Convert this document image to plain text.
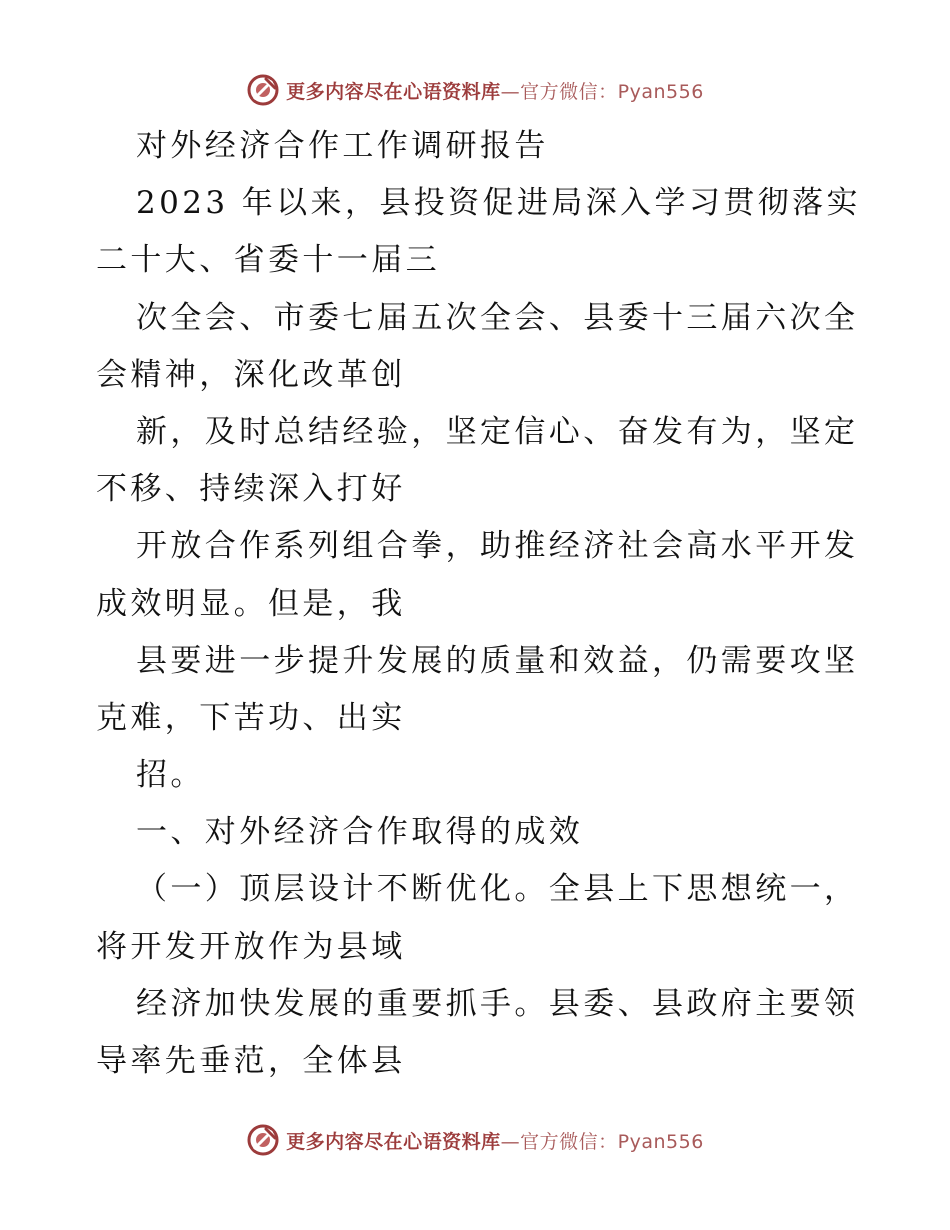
更多内容尽在心语资料库—官方微信：Pyan556
对外经济合作工作调研报告
2023 年以来，县投资促进局深入学习贯彻落实
二十大、省委十一届三
次全会、市委七届五次全会、县委十三届六次全
会精神，深化改革创
新，及时总结经验，坚定信心、奋发有为，坚定
不移、持续深入打好
开放合作系列组合拳，助推经济社会高水平开发
成效明显。但是，我
县要进一步提升发展的质量和效益，仍需要攻坚
克难，下苦功、出实
招。
一、对外经济合作取得的成效
（一）顶层设计不断优化。全县上下思想统一，
将开发开放作为县域
经济加快发展的重要抓手。县委、县政府主要领
导率先垂范，全体县
更多内容尽在心语资料库—官方微信：Pyan556
